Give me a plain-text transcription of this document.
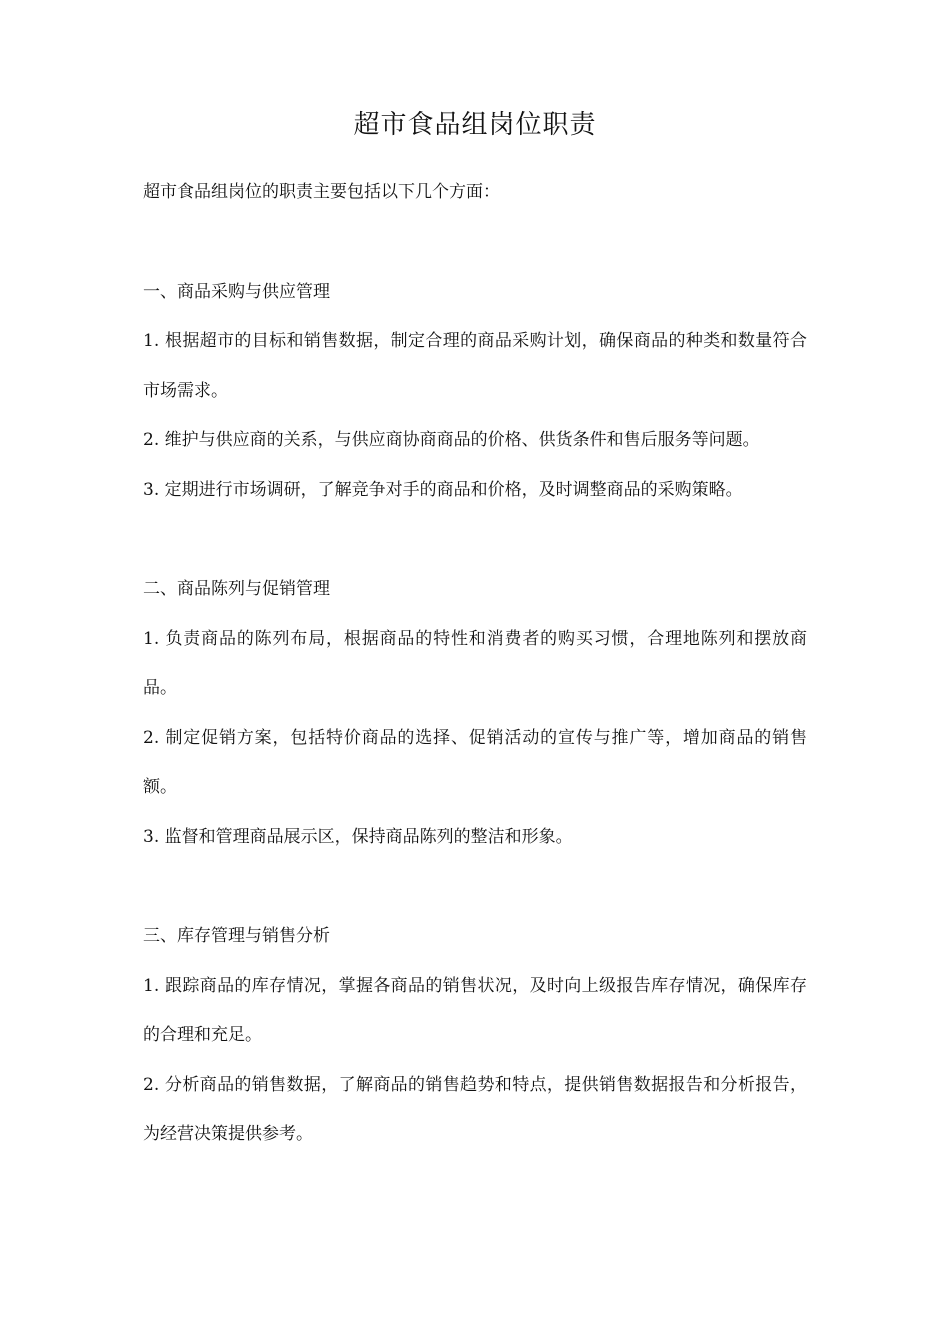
超市食品组岗位职责

超市食品组岗位的职责主要包括以下几个方面：

一、商品采购与供应管理

1. 根据超市的目标和销售数据，制定合理的商品采购计划，确保商品的种类和数量符合市场需求。

2. 维护与供应商的关系，与供应商协商商品的价格、供货条件和售后服务等问题。

3. 定期进行市场调研，了解竞争对手的商品和价格，及时调整商品的采购策略。

二、商品陈列与促销管理

1. 负责商品的陈列布局，根据商品的特性和消费者的购买习惯，合理地陈列和摆放商品。

2. 制定促销方案，包括特价商品的选择、促销活动的宣传与推广等，增加商品的销售额。

3. 监督和管理商品展示区，保持商品陈列的整洁和形象。

三、库存管理与销售分析

1. 跟踪商品的库存情况，掌握各商品的销售状况，及时向上级报告库存情况，确保库存的合理和充足。

2. 分析商品的销售数据，了解商品的销售趋势和特点，提供销售数据报告和分析报告，为经营决策提供参考。
